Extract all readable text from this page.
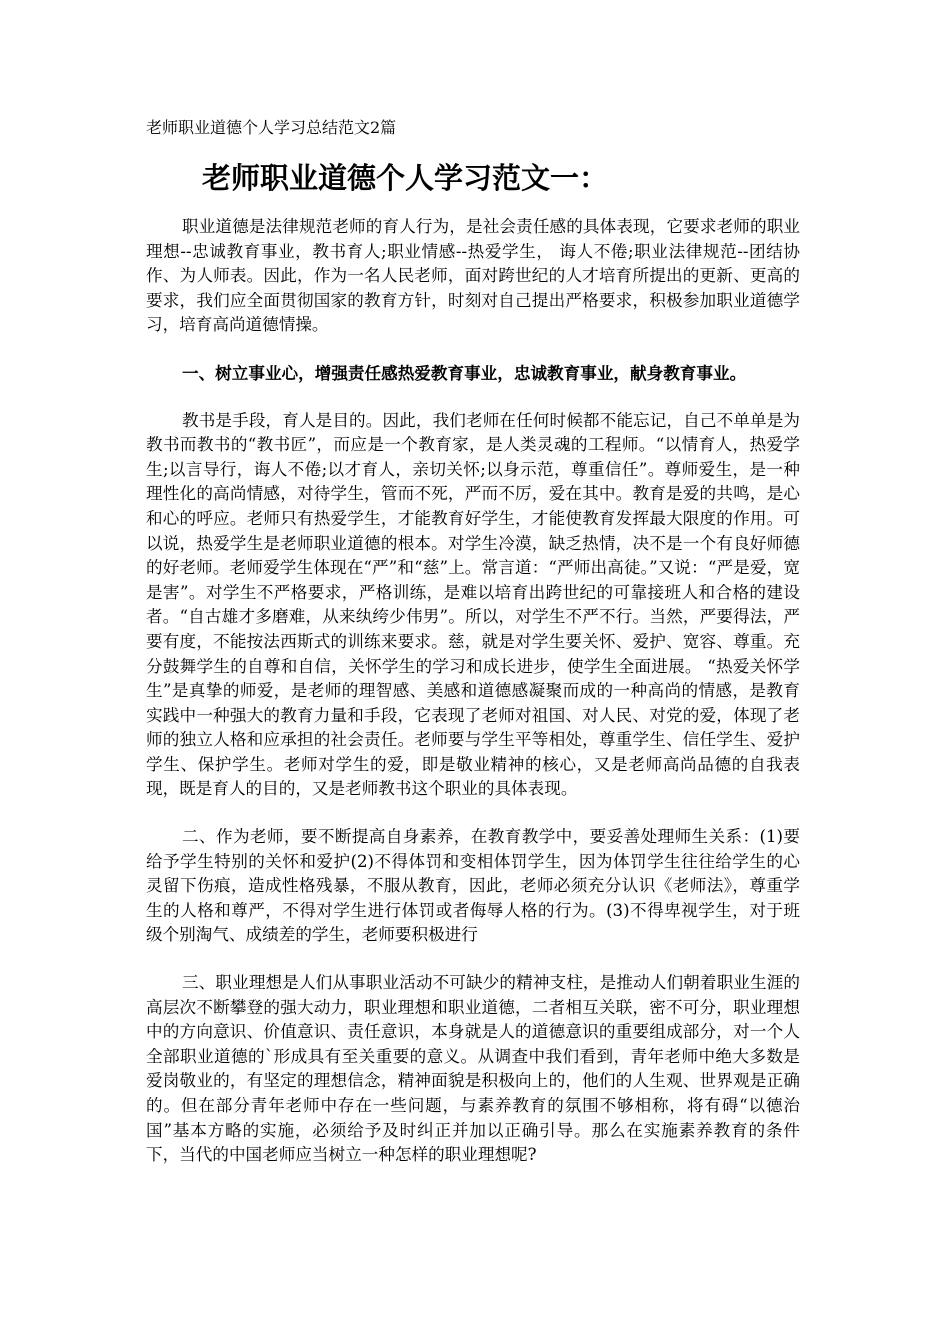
老师职业道德个人学习总结范文2篇
老师职业道德个人学习范文一：

职业道德是法律规范老师的育人行为，是社会责任感的具体表现，它要求老师的职业理想--忠诚教育事业，教书育人;职业情感--热爱学生， 诲人不倦;职业法律规范--团结协作、为人师表。因此，作为一名人民老师，面对跨世纪的人才培育所提出的更新、更高的要求，我们应全面贯彻国家的教育方针，时刻对自己提出严格要求，积极参加职业道德学习，培育高尚道德情操。

一、树立事业心，增强责任感热爱教育事业，忠诚教育事业，献身教育事业。

教书是手段，育人是目的。因此，我们老师在任何时候都不能忘记，自己不单单是为教书而教书的“教书匠”，而应是一个教育家，是人类灵魂的工程师。“以情育人，热爱学生;以言导行，诲人不倦;以才育人，亲切关怀;以身示范，尊重信任”。尊师爱生，是一种理性化的高尚情感，对待学生，管而不死，严而不厉，爱在其中。教育是爱的共鸣，是心和心的呼应。老师只有热爱学生，才能教育好学生，才能使教育发挥最大限度的作用。可以说，热爱学生是老师职业道德的根本。对学生冷漠，缺乏热情，决不是一个有良好师德的好老师。老师爱学生体现在“严”和“慈”上。常言道：“严师出高徒。”又说：“严是爱，宽是害”。对学生不严格要求，严格训练，是难以培育出跨世纪的可靠接班人和合格的建设者。“自古雄才多磨难，从来纨绔少伟男”。所以，对学生不严不行。当然，严要得法，严要有度，不能按法西斯式的训练来要求。慈，就是对学生要关怀、爱护、宽容、尊重。充分鼓舞学生的自尊和自信，关怀学生的学习和成长进步，使学生全面进展。 “热爱关怀学生”是真挚的师爱，是老师的理智感、美感和道德感凝聚而成的一种高尚的情感，是教育实践中一种强大的教育力量和手段，它表现了老师对祖国、对人民、对党的爱，体现了老师的独立人格和应承担的社会责任。老师要与学生平等相处，尊重学生、信任学生、爱护学生、保护学生。老师对学生的爱，即是敬业精神的核心，又是老师高尚品德的自我表现，既是育人的目的，又是老师教书这个职业的具体表现。

二、作为老师，要不断提高自身素养，在教育教学中，要妥善处理师生关系：(1)要给予学生特别的关怀和爱护(2)不得体罚和变相体罚学生，因为体罚学生往往给学生的心灵留下伤痕，造成性格残暴，不服从教育，因此，老师必须充分认识《老师法》，尊重学生的人格和尊严，不得对学生进行体罚或者侮辱人格的行为。(3)不得卑视学生，对于班级个别淘气、成绩差的学生，老师要积极进行

三、职业理想是人们从事职业活动不可缺少的精神支柱，是推动人们朝着职业生涯的高层次不断攀登的强大动力，职业理想和职业道德，二者相互关联，密不可分，职业理想中的方向意识、价值意识、责任意识，本身就是人的道德意识的重要组成部分，对一个人全部职业道德的`形成具有至关重要的意义。从调查中我们看到，青年老师中绝大多数是爱岗敬业的，有坚定的理想信念，精神面貌是积极向上的，他们的人生观、世界观是正确的。但在部分青年老师中存在一些问题，与素养教育的氛围不够相称，将有碍“以德治国”基本方略的实施，必须给予及时纠正并加以正确引导。那么在实施素养教育的条件下，当代的中国老师应当树立一种怎样的职业理想呢?
